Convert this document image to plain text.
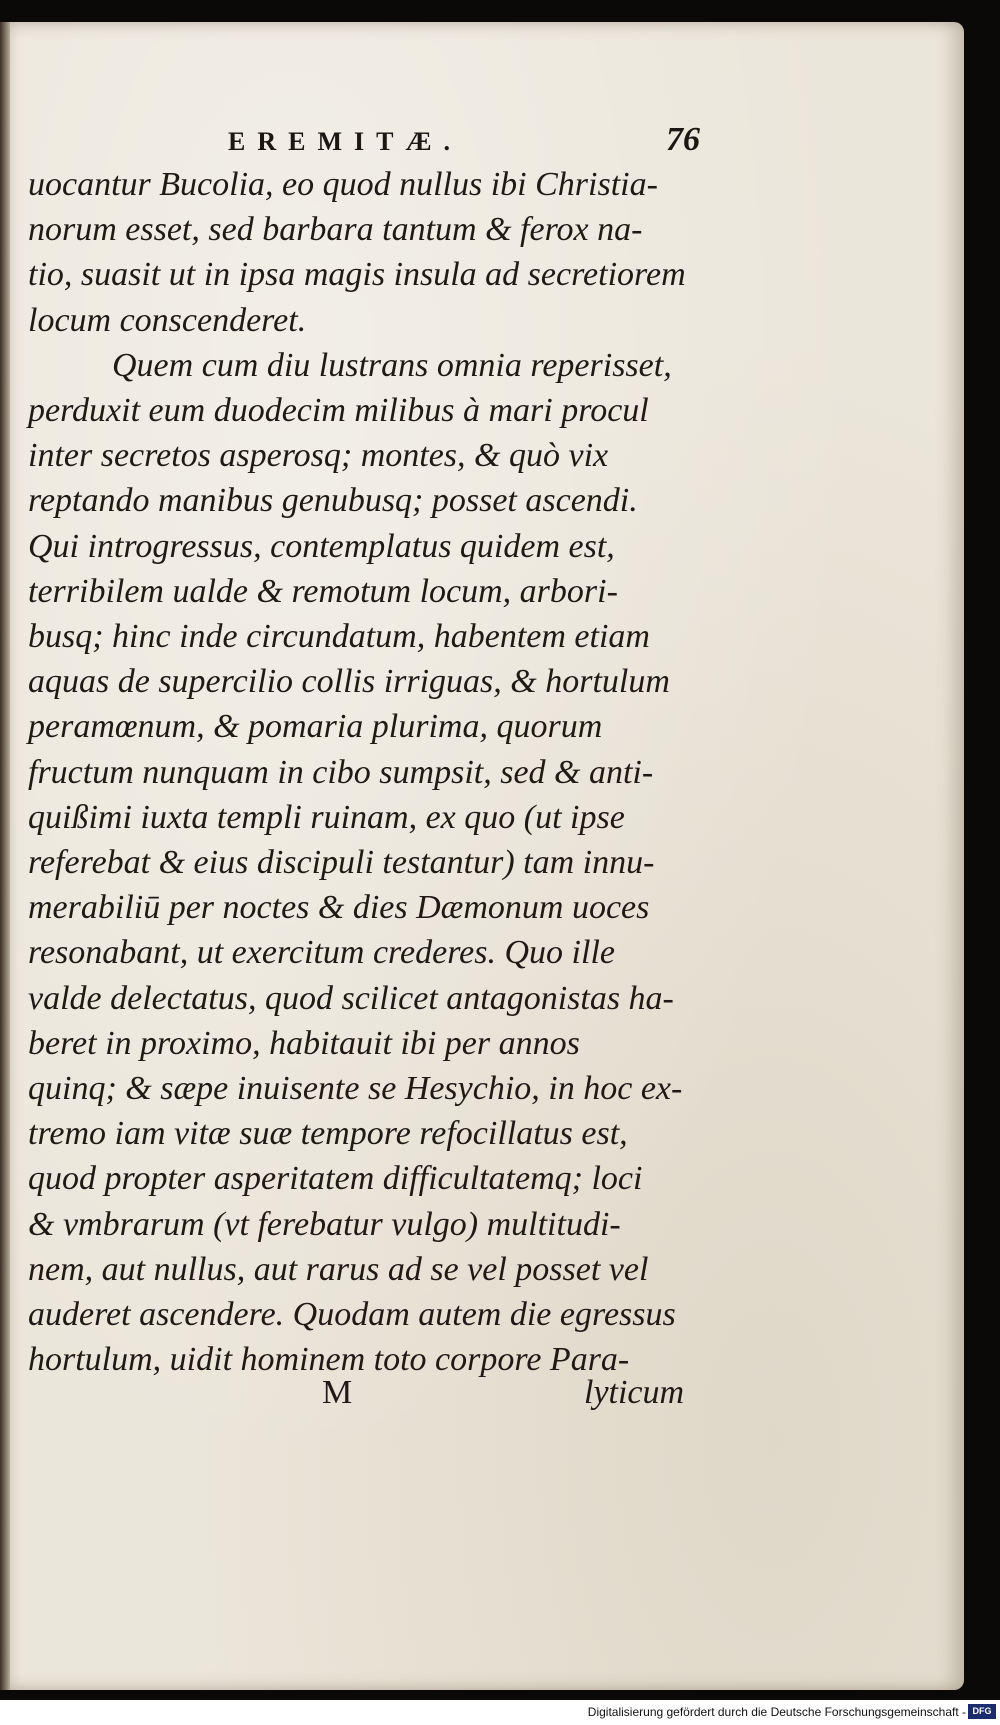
EREMITÆ.	76
uocantur Bucolia, eo quod nullus ibi Christia-
norum esset, sed barbara tantum & ferox na-
tio, suasit ut in ipsa magis insula ad secretiorem
locum conscenderet.
Quem cum diu lustrans omnia reperisset,
perduxit eum duodecim milibus à mari procul
inter secretos asperosq; montes, & quò vix
reptando manibus genubusq; posset ascendi.
Qui introgressus, contemplatus quidem est,
terribilem ualde & remotum locum, arbori-
busq; hinc inde circundatum, habentem etiam
aquas de supercilio collis irriguas, & hortulum
peramœnum, & pomaria plurima, quorum
fructum nunquam in cibo sumpsit, sed & anti-
quißimi iuxta templi ruinam, ex quo (ut ipse
referebat & eius discipuli testantur) tam innu-
merabiliū per noctes & dies Dæmonum uoces
resonabant, ut exercitum crederes. Quo ille
valde delectatus, quod scilicet antagonistas ha-
beret in proximo, habitauit ibi per annos
quinq; & sæpe inuisente se Hesychio, in hoc ex-
tremo iam vitæ suæ tempore refocillatus est,
quod propter asperitatem difficultatemq; loci
& vmbrarum (vt ferebatur vulgo) multitudi-
nem, aut nullus, aut rarus ad se vel posset vel
auderet ascendere. Quodam autem die egressus
hortulum, uidit hominem toto corpore Para-
M	lyticum
Digitalisierung gefördert durch die Deutsche Forschungsgemeinschaft - DFG
